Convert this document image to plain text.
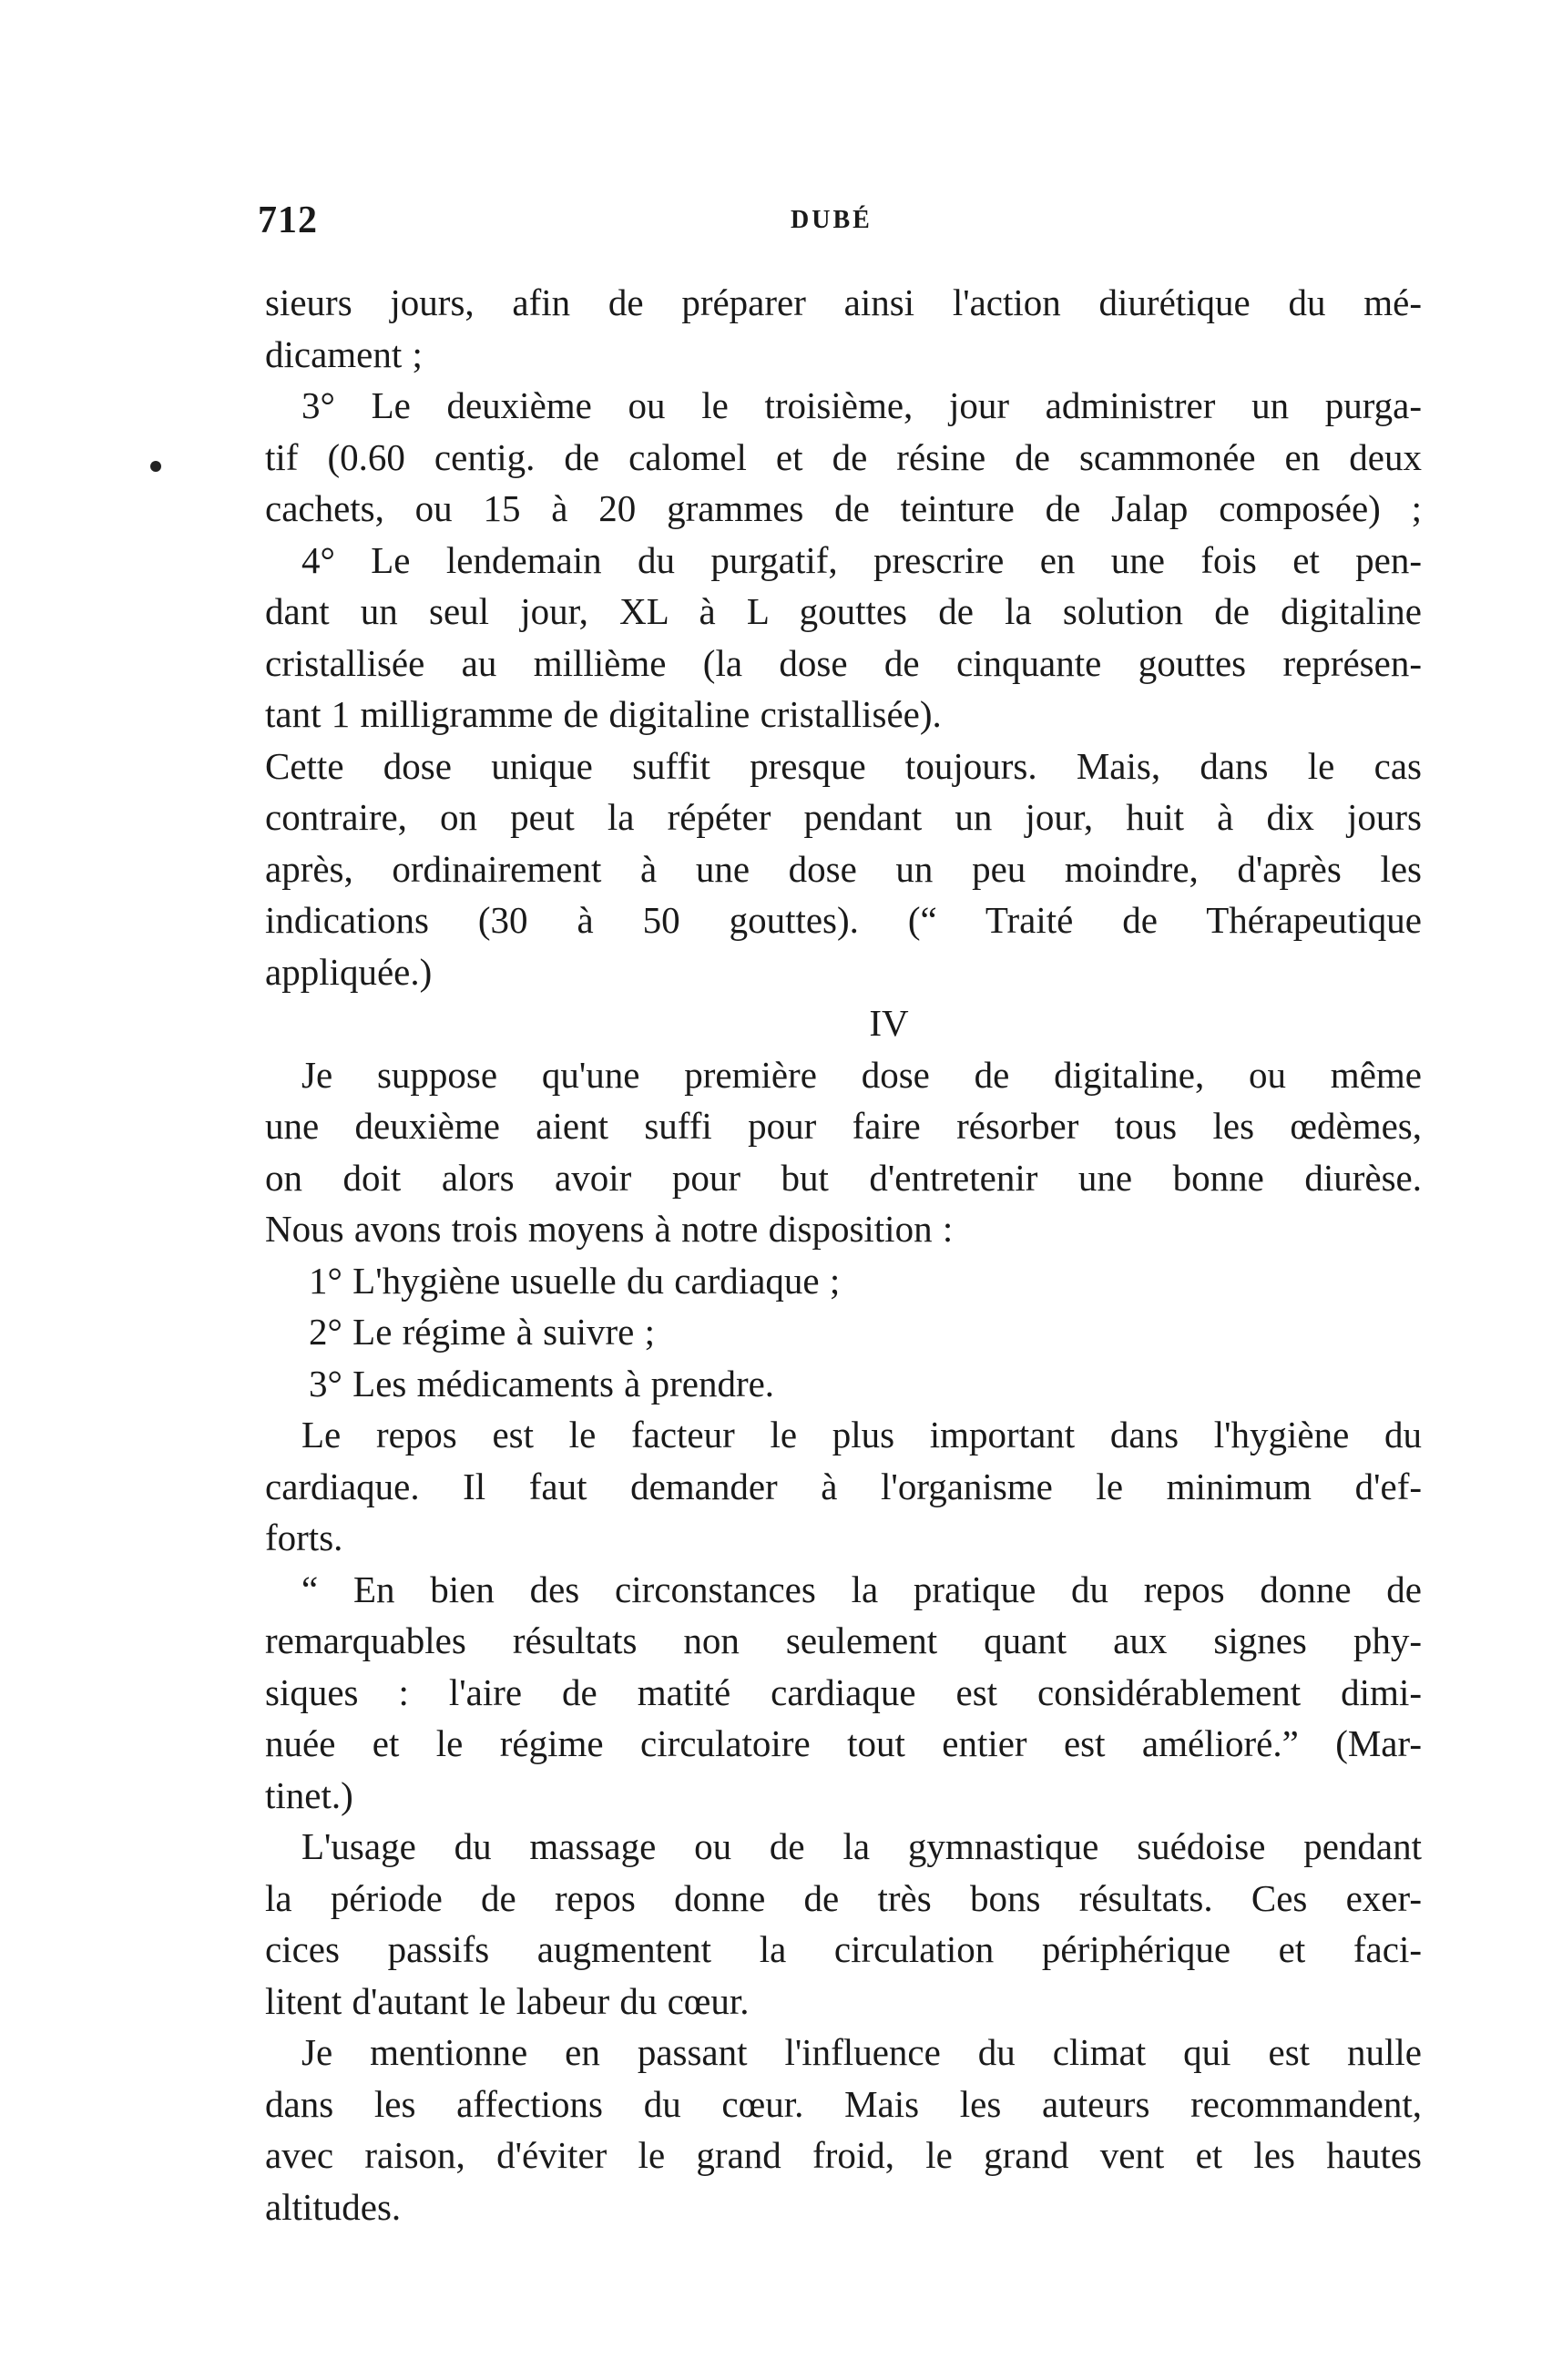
712	DUBÉ
sieurs jours, afin de préparer ainsi l'action diurétique du mé-
dicament ;
3° Le deuxième ou le troisième, jour administrer un purga-
tif (0.60 centig. de calomel et de résine de scammonée en deux
cachets, ou 15 à 20 grammes de teinture de Jalap composée) ;
4° Le lendemain du purgatif, prescrire en une fois et pen-
dant un seul jour, XL à L gouttes de la solution de digitaline
cristallisée au millième (la dose de cinquante gouttes représen-
tant 1 milligramme de digitaline cristallisée).
Cette dose unique suffit presque toujours. Mais, dans le cas
contraire, on peut la répéter pendant un jour, huit à dix jours
après, ordinairement à une dose un peu moindre, d'après les
indications (30 à 50 gouttes). (“ Traité de Thérapeutique
appliquée.)
IV
Je suppose qu'une première dose de digitaline, ou même
une deuxième aient suffi pour faire résorber tous les œdèmes,
on doit alors avoir pour but d'entretenir une bonne diurèse.
Nous avons trois moyens à notre disposition :
1° L'hygiène usuelle du cardiaque ;
2° Le régime à suivre ;
3° Les médicaments à prendre.
Le repos est le facteur le plus important dans l'hygiène du
cardiaque. Il faut demander à l'organisme le minimum d'ef-
forts.
“ En bien des circonstances la pratique du repos donne de
remarquables résultats non seulement quant aux signes phy-
siques : l'aire de matité cardiaque est considérablement dimi-
nuée et le régime circulatoire tout entier est amélioré.” (Mar-
tinet.)
L'usage du massage ou de la gymnastique suédoise pendant
la période de repos donne de très bons résultats. Ces exer-
cices passifs augmentent la circulation périphérique et faci-
litent d'autant le labeur du cœur.
Je mentionne en passant l'influence du climat qui est nulle
dans les affections du cœur. Mais les auteurs recommandent,
avec raison, d'éviter le grand froid, le grand vent et les hautes
altitudes.
